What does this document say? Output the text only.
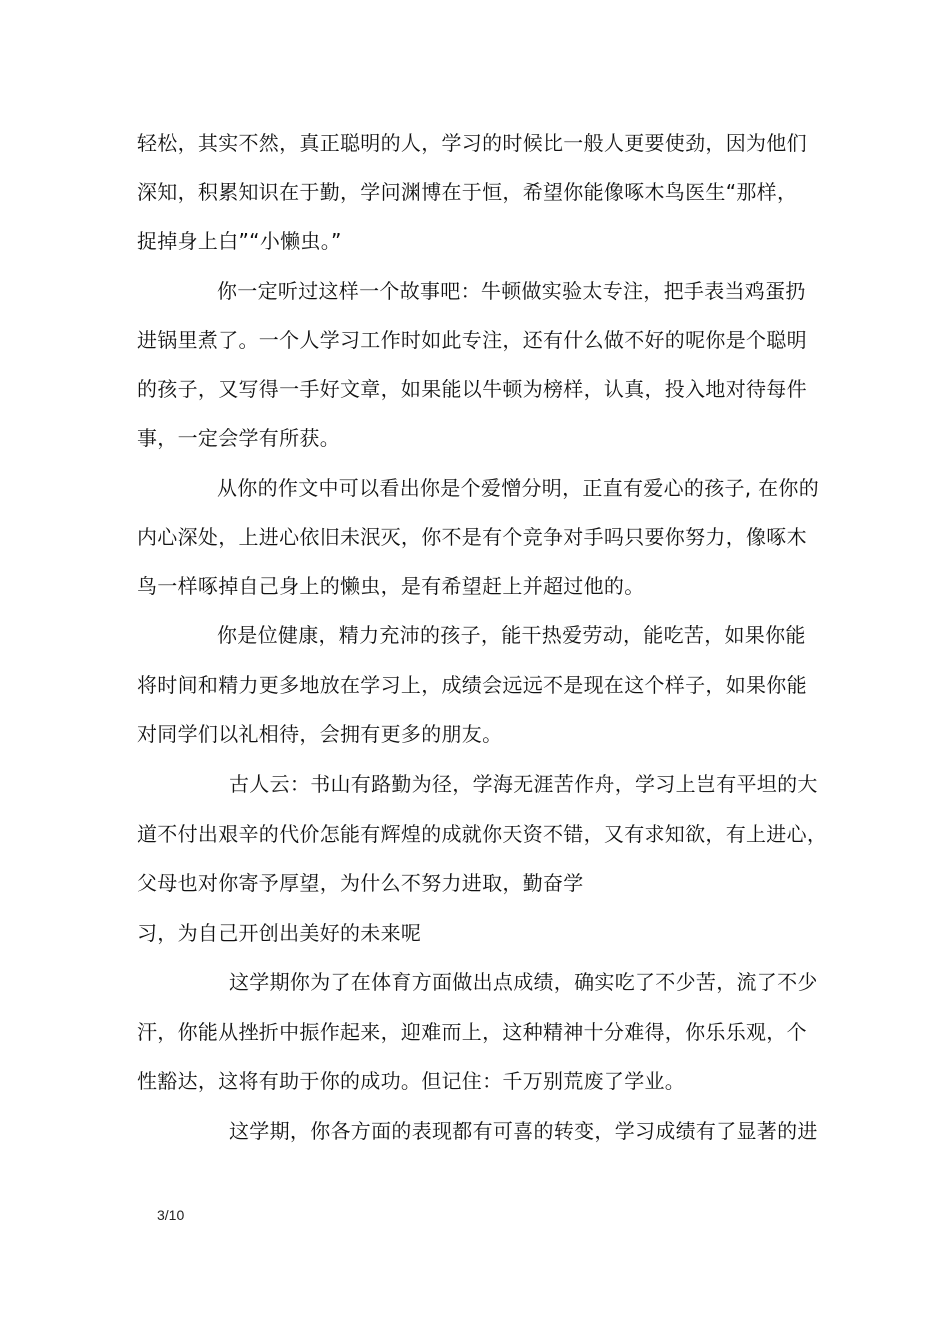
轻松，其实不然，真正聪明的人，学习的时候比一般人更要使劲，因为他们
深知，积累知识在于勤，学问渊博在于恒，希望你能像啄木鸟医生“那样，
捉掉身上白”“小懒虫。”
你一定听过这样一个故事吧：牛顿做实验太专注，把手表当鸡蛋扔
进锅里煮了。一个人学习工作时如此专注，还有什么做不好的呢你是个聪明
的孩子，又写得一手好文章，如果能以牛顿为榜样，认真，投入地对待每件
事，一定会学有所获。
从你的作文中可以看出你是个爱憎分明，正直有爱心的孩子, 在你的
内心深处，上进心依旧未泯灭，你不是有个竞争对手吗只要你努力，像啄木
鸟一样啄掉自己身上的懒虫，是有希望赶上并超过他的。
你是位健康，精力充沛的孩子，能干热爱劳动，能吃苦，如果你能
将时间和精力更多地放在学习上，成绩会远远不是现在这个样子，如果你能
对同学们以礼相待，会拥有更多的朋友。
古人云：书山有路勤为径，学海无涯苦作舟，学习上岂有平坦的大
道不付出艰辛的代价怎能有辉煌的成就你天资不错，又有求知欲，有上进心，
父母也对你寄予厚望，为什么不努力进取，勤奋学
习，为自己开创出美好的未来呢
这学期你为了在体育方面做出点成绩，确实吃了不少苦，流了不少
汗，你能从挫折中振作起来，迎难而上，这种精神十分难得，你乐乐观，个
性豁达，这将有助于你的成功。但记住：千万别荒废了学业。
这学期，你各方面的表现都有可喜的转变，学习成绩有了显著的进
3/10
